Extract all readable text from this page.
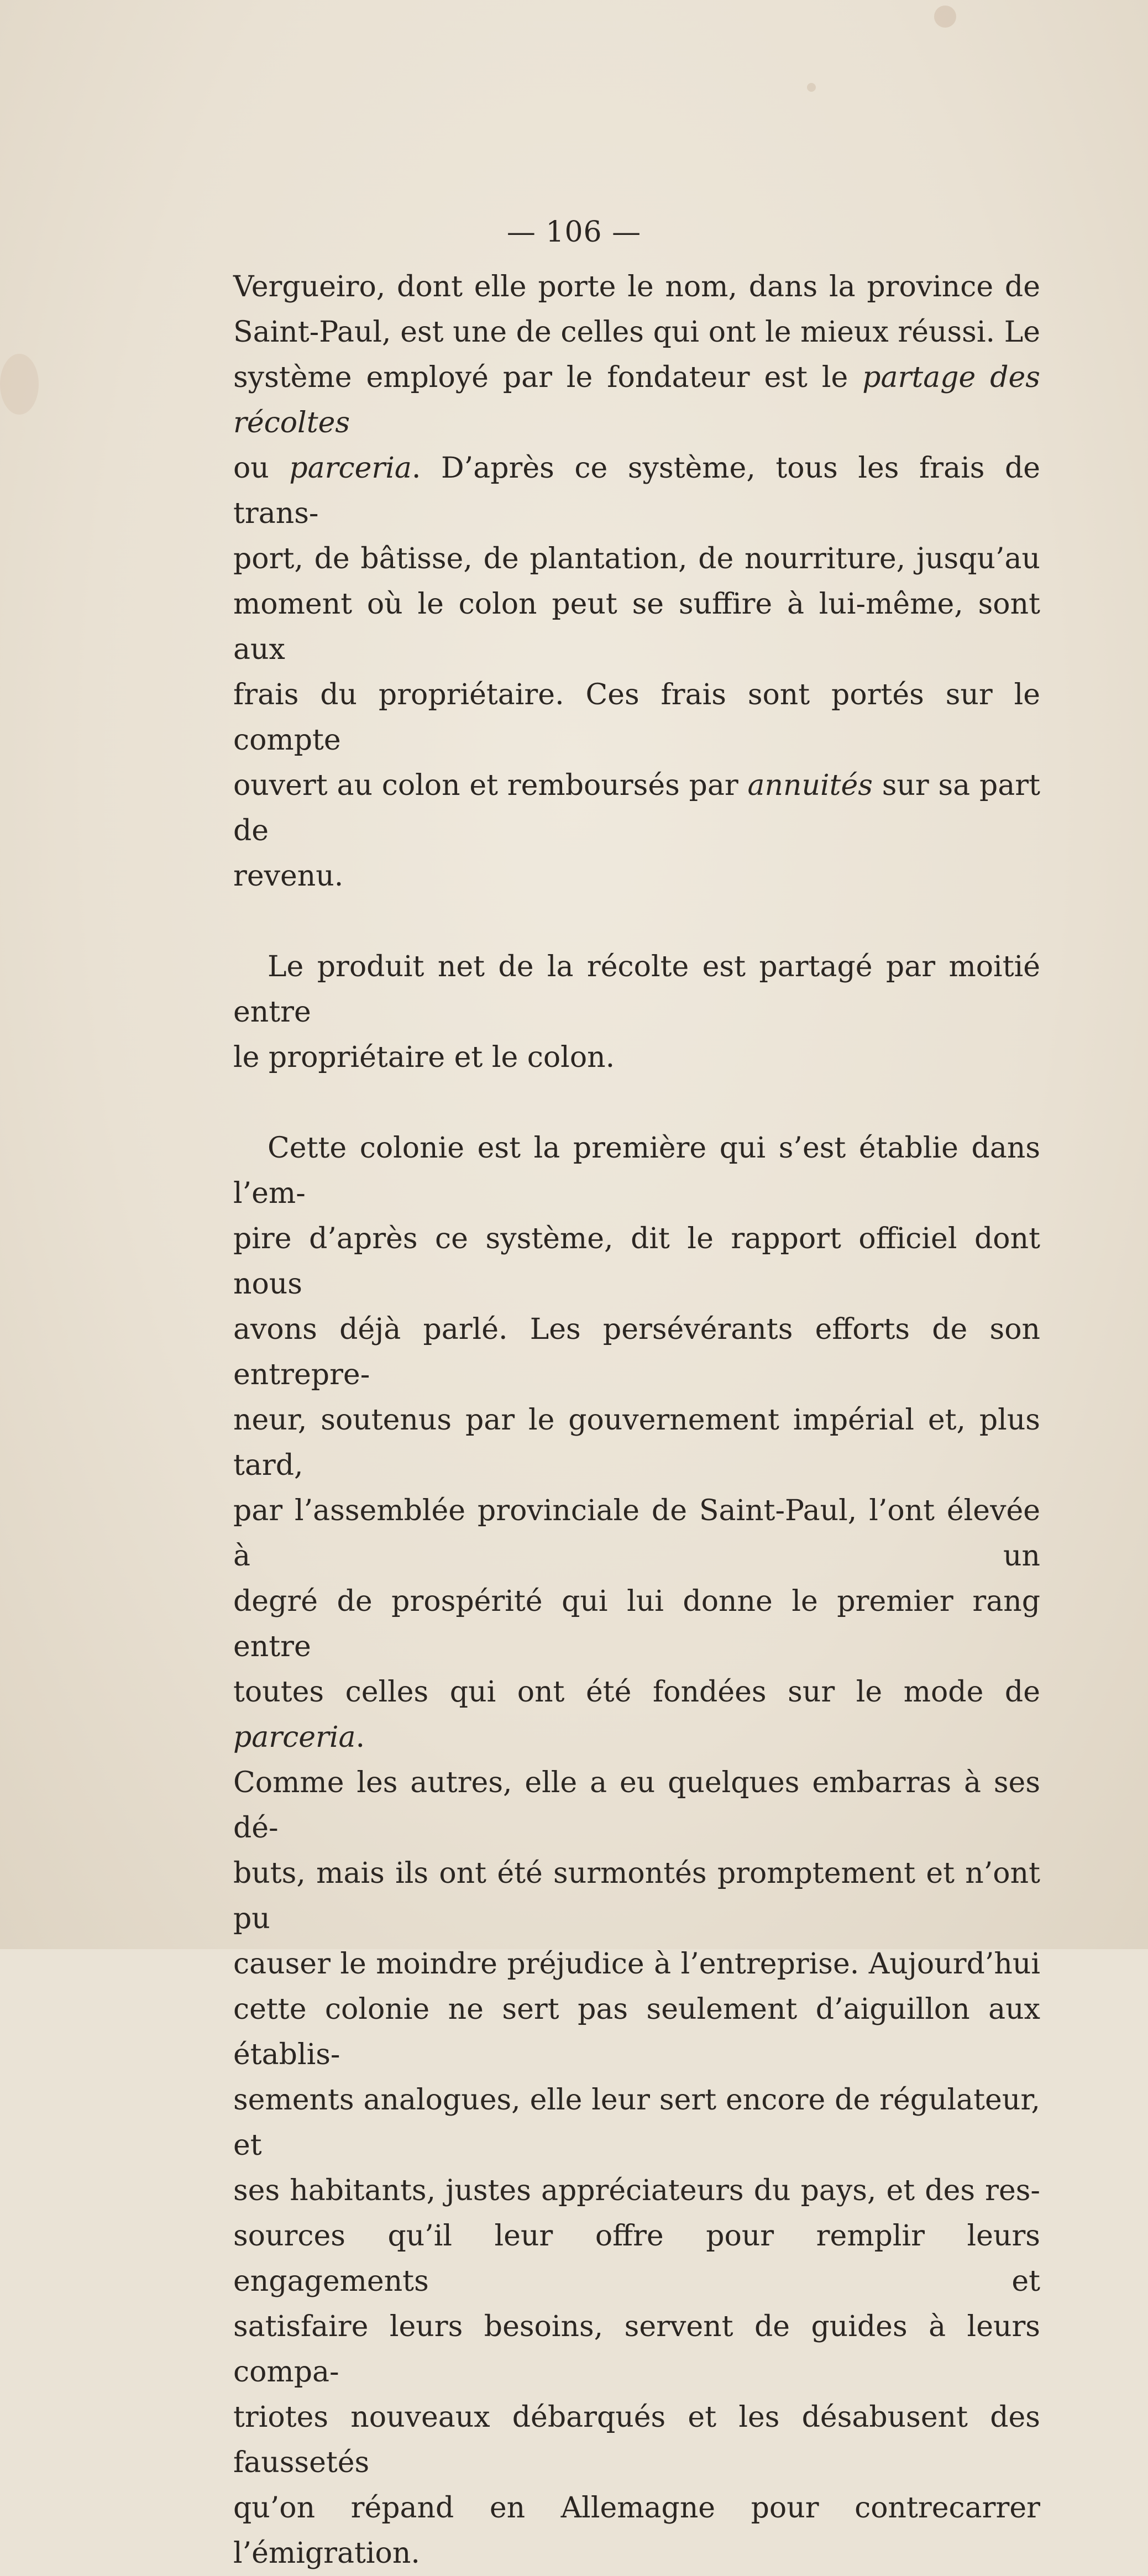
— 106 —

Vergueiro, dont elle porte le nom, dans la province de

Saint-Paul, est une de celles qui ont le mieux réussi. Le

système employé par le fondateur est le partage des récoltes

ou parceria. D’après ce système, tous les frais de trans-

port, de bâtisse, de plantation, de nourriture, jusqu’au

moment où le colon peut se suffire à lui-même, sont aux

frais du propriétaire. Ces frais sont portés sur le compte

ouvert au colon et remboursés par annuités sur sa part de

revenu.

Le produit net de la récolte est partagé par moitié entre

le propriétaire et le colon.

Cette colonie est la première qui s’est établie dans l’em-

pire d’après ce système, dit le rapport officiel dont nous

avons déjà parlé. Les persévérants efforts de son entrepre-

neur, soutenus par le gouvernement impérial et, plus tard,

par l’assemblée provinciale de Saint-Paul, l’ont élevée à un

degré de prospérité qui lui donne le premier rang entre

toutes celles qui ont été fondées sur le mode de parceria.

Comme les autres, elle a eu quelques embarras à ses dé-

buts, mais ils ont été surmontés promptement et n’ont pu

causer le moindre préjudice à l’entreprise. Aujourd’hui

cette colonie ne sert pas seulement d’aiguillon aux établis-

sements analogues, elle leur sert encore de régulateur, et

ses habitants, justes appréciateurs du pays, et des res-

sources qu’il leur offre pour remplir leurs engagements et

satisfaire leurs besoins, servent de guides à leurs compa-

triotes nouveaux débarqués et les désabusent des faussetés

qu’on répand en Allemagne pour contrecarrer l’émigration.
